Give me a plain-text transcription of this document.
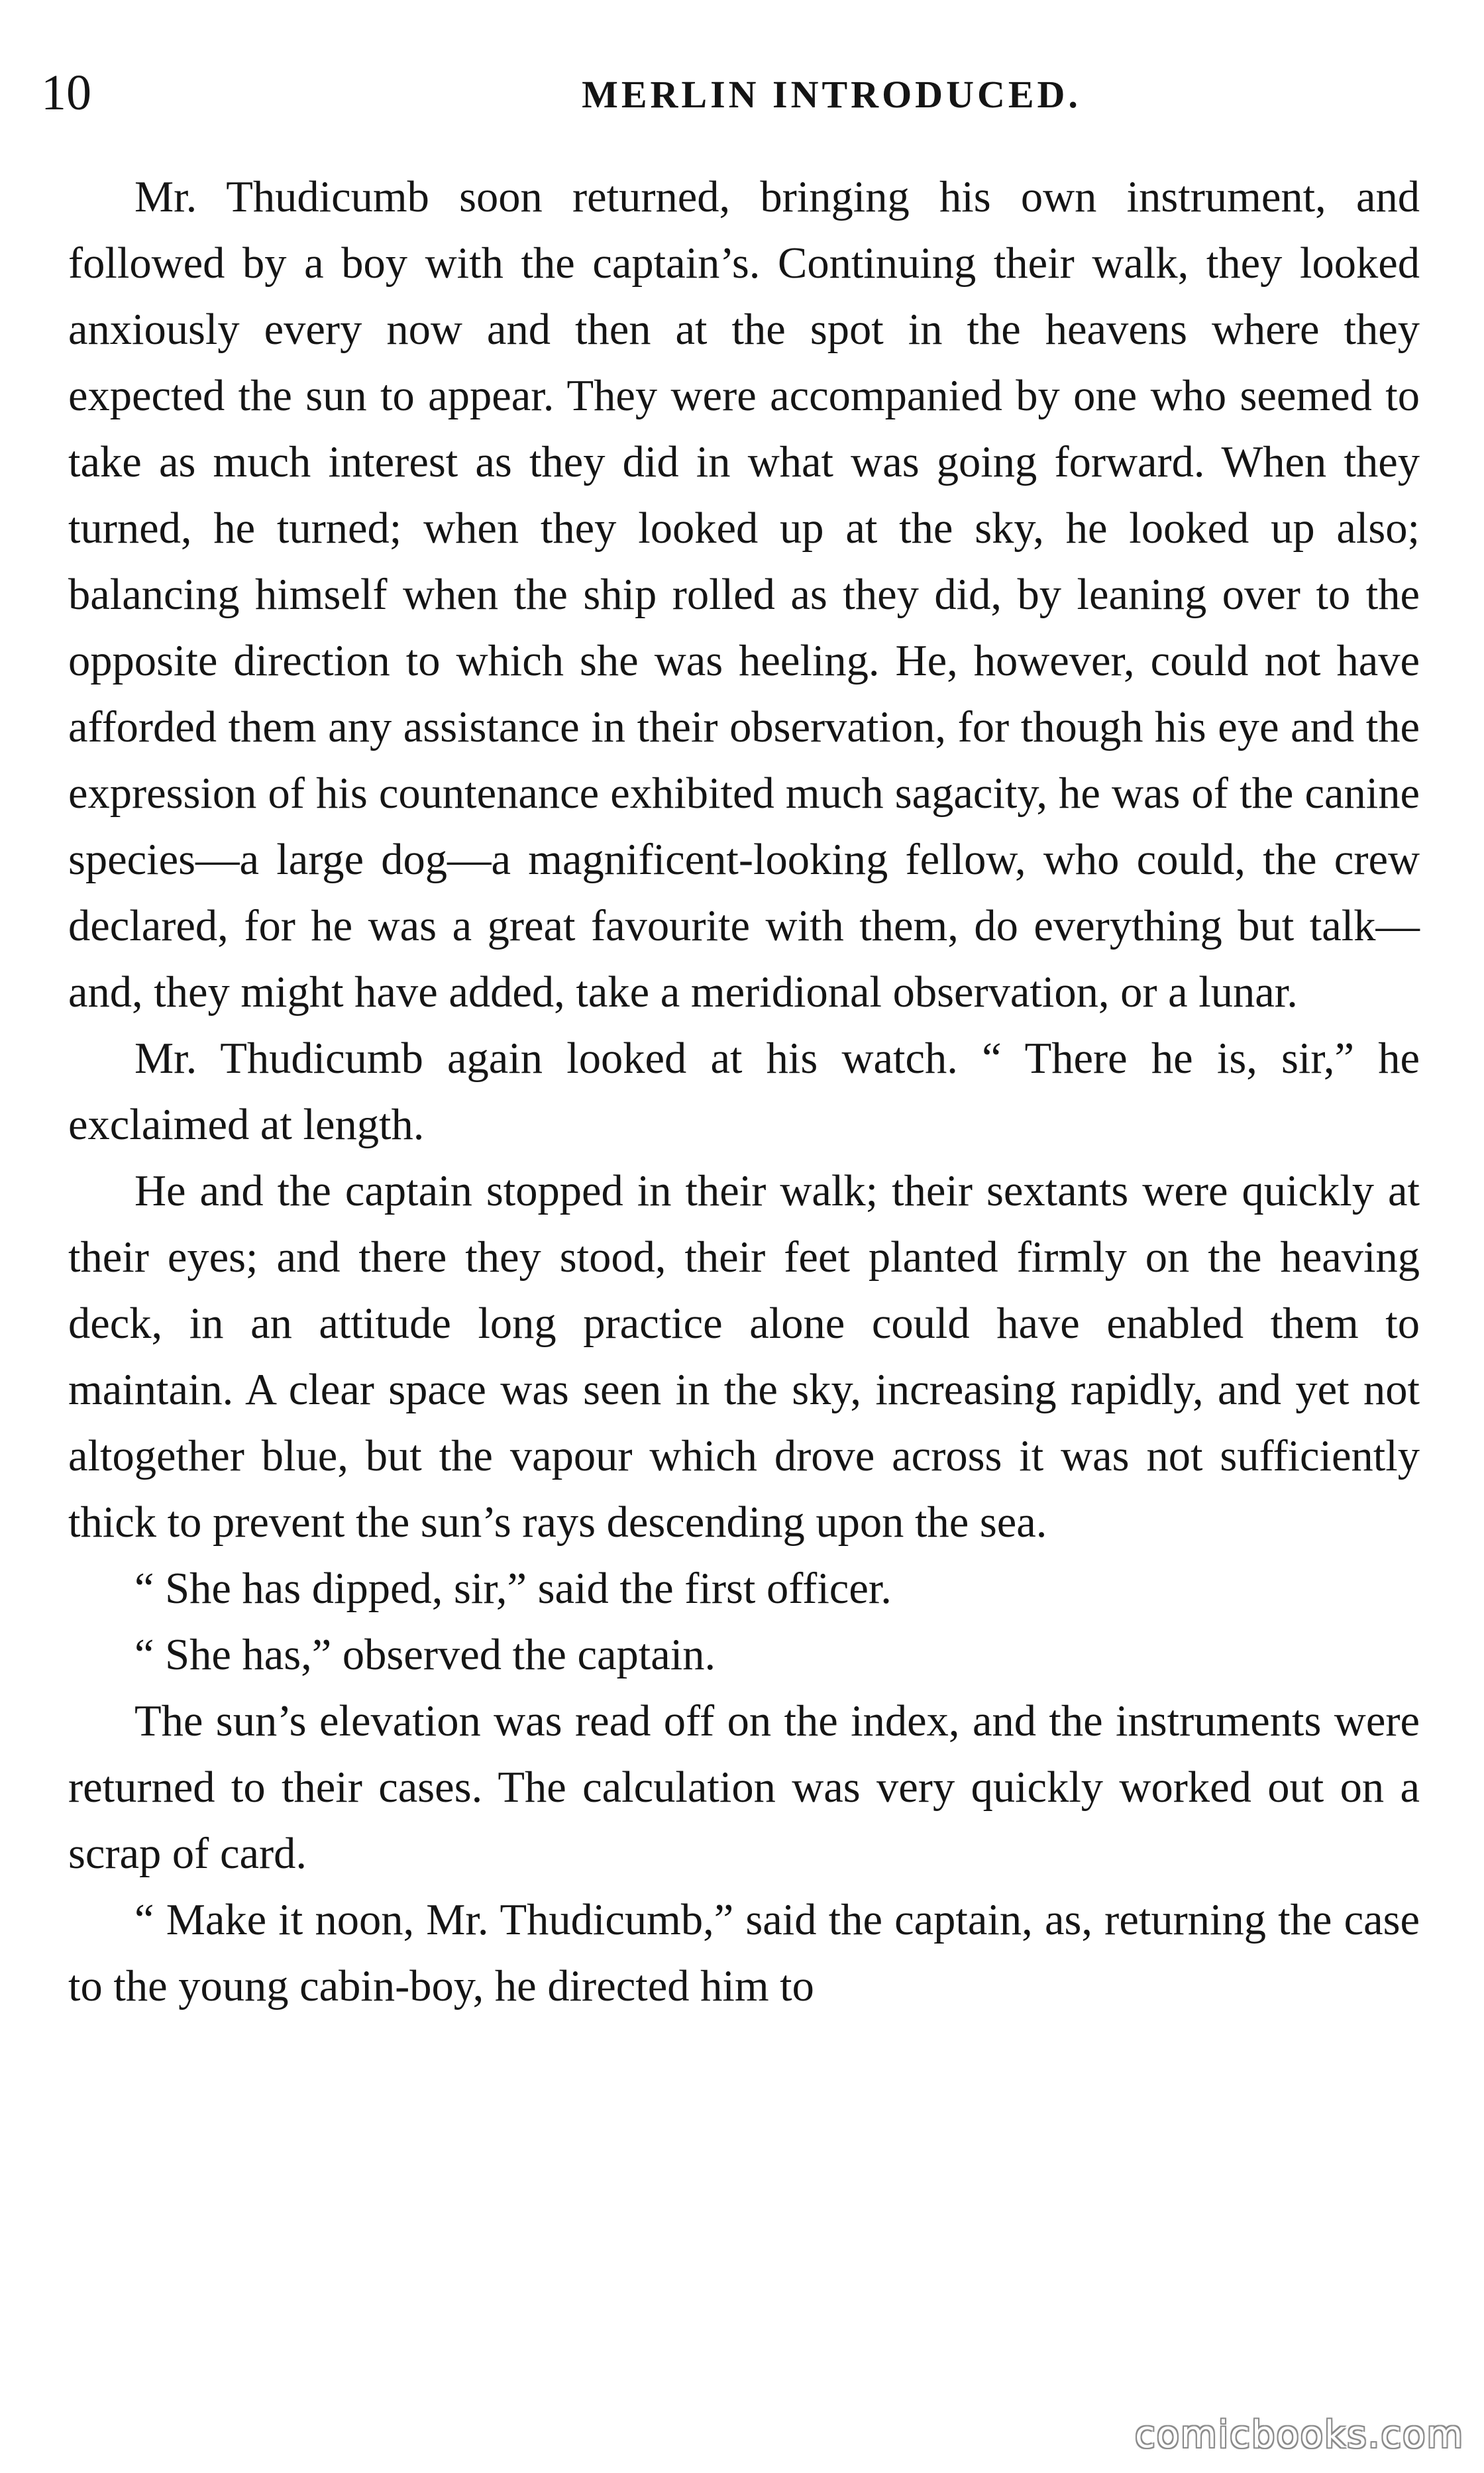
10	MERLIN INTRODUCED.

Mr. Thudicumb soon returned, bringing his own instrument, and followed by a boy with the captain’s. Continuing their walk, they looked anxiously every now and then at the spot in the heavens where they expected the sun to appear. They were accompanied by one who seemed to take as much interest as they did in what was going forward. When they turned, he turned; when they looked up at the sky, he looked up also; balancing himself when the ship rolled as they did, by leaning over to the opposite direction to which she was heeling. He, however, could not have afforded them any assistance in their observation, for though his eye and the expression of his countenance exhibited much sagacity, he was of the canine species—a large dog—a magnificent-looking fellow, who could, the crew declared, for he was a great favourite with them, do everything but talk—and, they might have added, take a meridional observation, or a lunar.

Mr. Thudicumb again looked at his watch. “ There he is, sir,” he exclaimed at length.

He and the captain stopped in their walk; their sextants were quickly at their eyes; and there they stood, their feet planted firmly on the heaving deck, in an attitude long practice alone could have enabled them to maintain. A clear space was seen in the sky, increasing rapidly, and yet not altogether blue, but the vapour which drove across it was not sufficiently thick to prevent the sun’s rays descending upon the sea.

“ She has dipped, sir,” said the first officer.

“ She has,” observed the captain.

The sun’s elevation was read off on the index, and the instruments were returned to their cases. The calculation was very quickly worked out on a scrap of card.

“ Make it noon, Mr. Thudicumb,” said the captain, as, returning the case to the young cabin-boy, he directed him to

comicbooks.com
